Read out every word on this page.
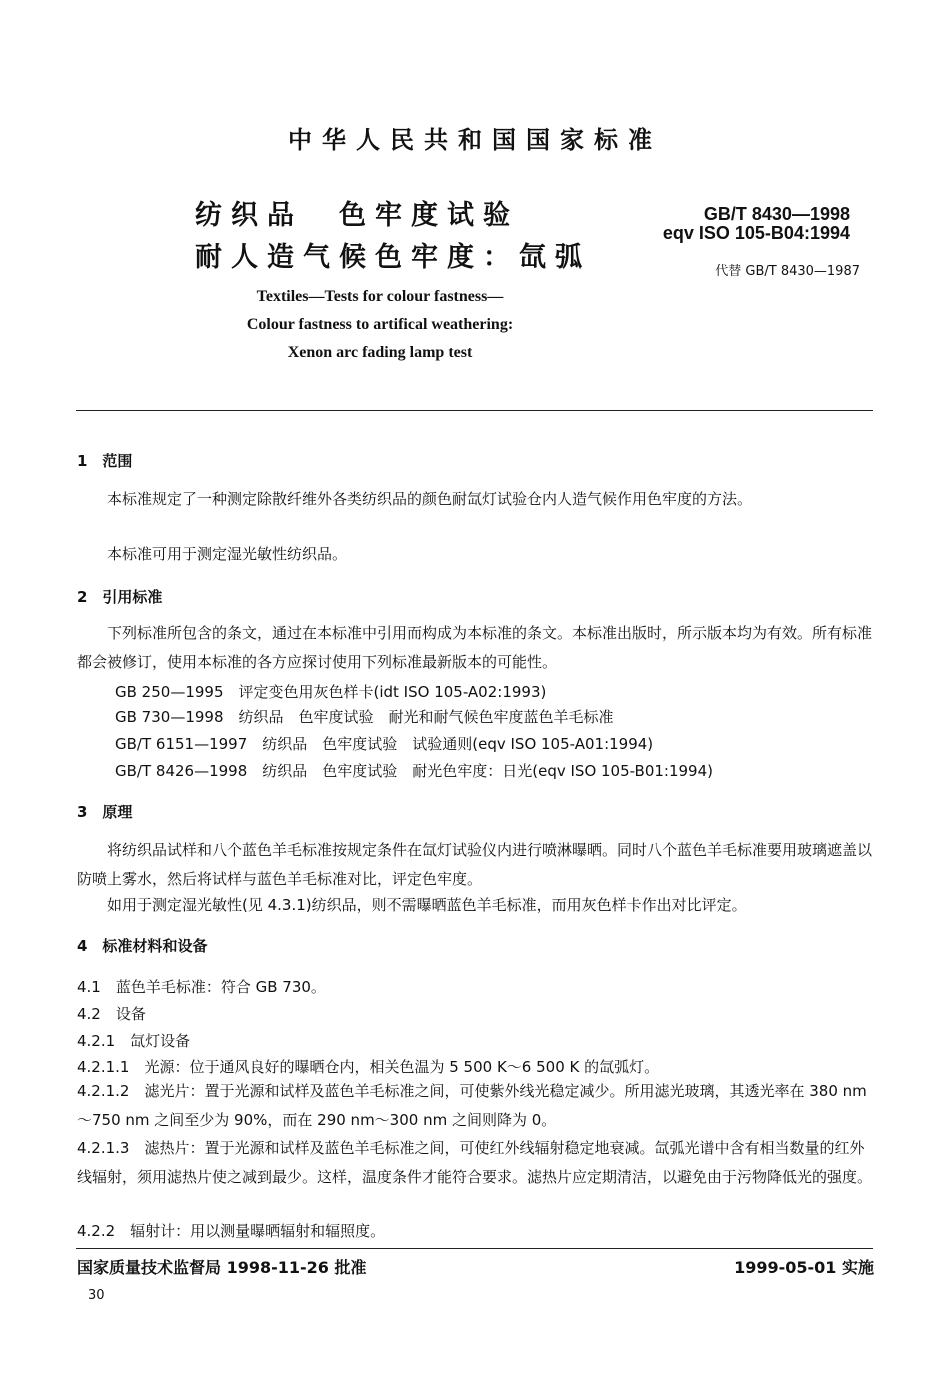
中华人民共和国国家标准
纺织品　色牢度试验
耐人造气候色牢度：氙弧
GB/T 8430—1998
eqv ISO 105-B04:1994
代替 GB/T 8430—1987
Textiles—Tests for colour fastness—
Colour fastness to artifical weathering:
Xenon arc fading lamp test
1　范围
本标准规定了一种测定除散纤维外各类纺织品的颜色耐氙灯试验仓内人造气候作用色牢度的方法。
本标准可用于测定湿光敏性纺织品。
2　引用标准
下列标准所包含的条文，通过在本标准中引用而构成为本标准的条文。本标准出版时，所示版本均为有效。所有标准都会被修订，使用本标准的各方应探讨使用下列标准最新版本的可能性。
GB 250—1995　评定变色用灰色样卡(idt ISO 105-A02:1993)
GB 730—1998　纺织品　色牢度试验　耐光和耐气候色牢度蓝色羊毛标准
GB/T 6151—1997　纺织品　色牢度试验　试验通则(eqv ISO 105-A01:1994)
GB/T 8426—1998　纺织品　色牢度试验　耐光色牢度：日光(eqv ISO 105-B01:1994)
3　原理
将纺织品试样和八个蓝色羊毛标准按规定条件在氙灯试验仪内进行喷淋曝晒。同时八个蓝色羊毛标准要用玻璃遮盖以防喷上雾水，然后将试样与蓝色羊毛标准对比，评定色牢度。
如用于测定湿光敏性(见 4.3.1)纺织品，则不需曝晒蓝色羊毛标准，而用灰色样卡作出对比评定。
4　标准材料和设备
4.1　蓝色羊毛标准：符合 GB 730。
4.2　设备
4.2.1　氙灯设备
4.2.1.1　光源：位于通风良好的曝晒仓内，相关色温为 5 500 K～6 500 K 的氙弧灯。
4.2.1.2　滤光片：置于光源和试样及蓝色羊毛标准之间，可使紫外线光稳定减少。所用滤光玻璃，其透光率在 380 nm～750 nm 之间至少为 90%，而在 290 nm～300 nm 之间则降为 0。
4.2.1.3　滤热片：置于光源和试样及蓝色羊毛标准之间，可使红外线辐射稳定地衰减。氙弧光谱中含有相当数量的红外线辐射，须用滤热片使之减到最少。这样，温度条件才能符合要求。滤热片应定期清洁，以避免由于污物降低光的强度。
4.2.2　辐射计：用以测量曝晒辐射和辐照度。
国家质量技术监督局 1998-11-26 批准	1999-05-01 实施
30
